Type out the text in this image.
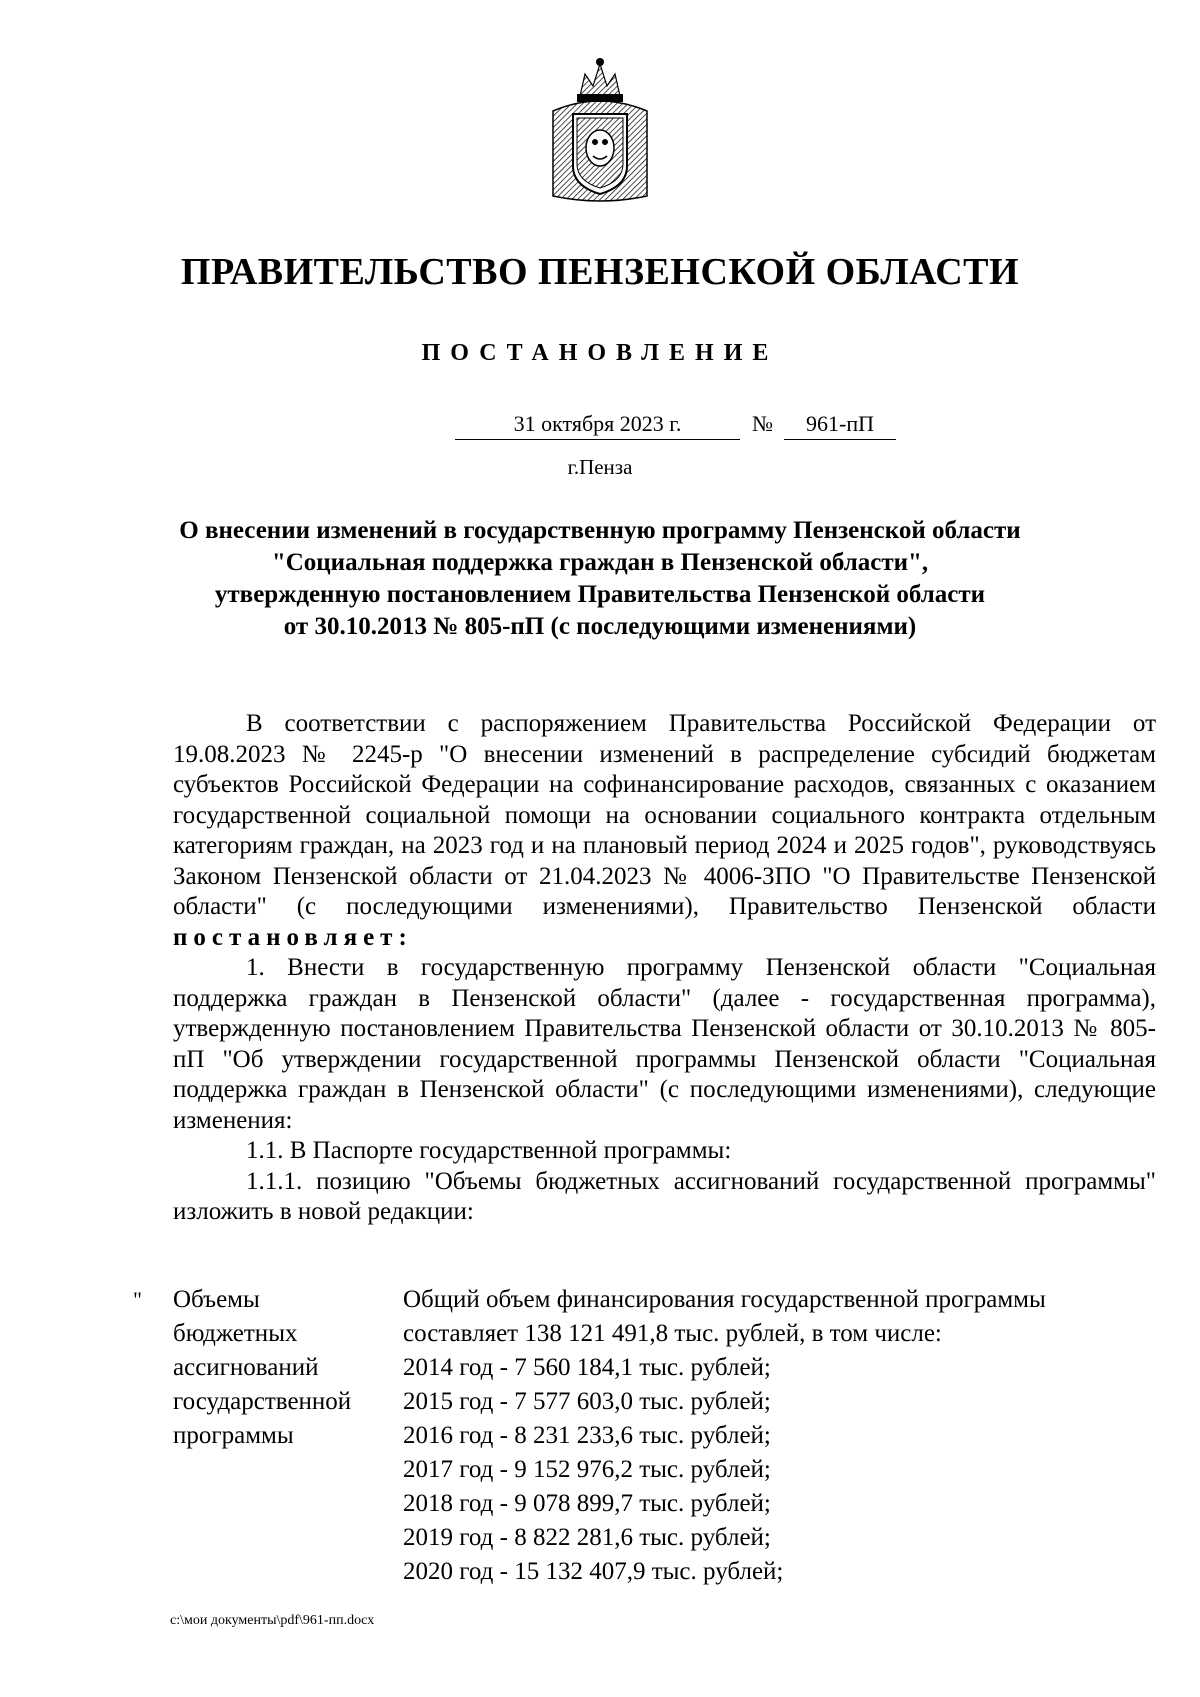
ПРАВИТЕЛЬСТВО ПЕНЗЕНСКОЙ ОБЛАСТИ
ПОСТАНОВЛЕНИЕ
31 октября 2023 г.	№	961-пП
г.Пенза
О внесении изменений в государственную программу Пензенской области
"Социальная поддержка граждан в Пензенской области",
утвержденную постановлением Правительства Пензенской области
от 30.10.2013 № 805-пП (с последующими изменениями)

В соответствии с распоряжением Правительства Российской Федерации от 19.08.2023 № 2245-р "О внесении изменений в распределение субсидий бюджетам субъектов Российской Федерации на софинансирование расходов, связанных с оказанием государственной социальной помощи на основании социального контракта отдельным категориям граждан, на 2023 год и на плановый период 2024 и 2025 годов", руководствуясь Законом Пензенской области от 21.04.2023 № 4006-ЗПО "О Правительстве Пензенской области" (с последующими изменениями), Правительство Пензенской области постановляет:

1. Внести в государственную программу Пензенской области "Социальная поддержка граждан в Пензенской области" (далее - государственная программа), утвержденную постановлением Правительства Пензенской области от 30.10.2013 № 805-пП "Об утверждении государственной программы Пензенской области "Социальная поддержка граждан в Пензенской области" (с последующими изменениями), следующие изменения:

1.1. В Паспорте государственной программы:

1.1.1. позицию "Объемы бюджетных ассигнований государственной программы" изложить в новой редакции:

" Объемы
бюджетных
ассигнований
государственной
программы
Общий объем финансирования государственной программы
составляет 138 121 491,8 тыс. рублей, в том числе:
2014 год - 7 560 184,1 тыс. рублей;
2015 год - 7 577 603,0 тыс. рублей;
2016 год - 8 231 233,6 тыс. рублей;
2017 год - 9 152 976,2 тыс. рублей;
2018 год - 9 078 899,7 тыс. рублей;
2019 год - 8 822 281,6 тыс. рублей;
2020 год - 15 132 407,9 тыс. рублей;
c:\мои документы\pdf\961-пп.docx
